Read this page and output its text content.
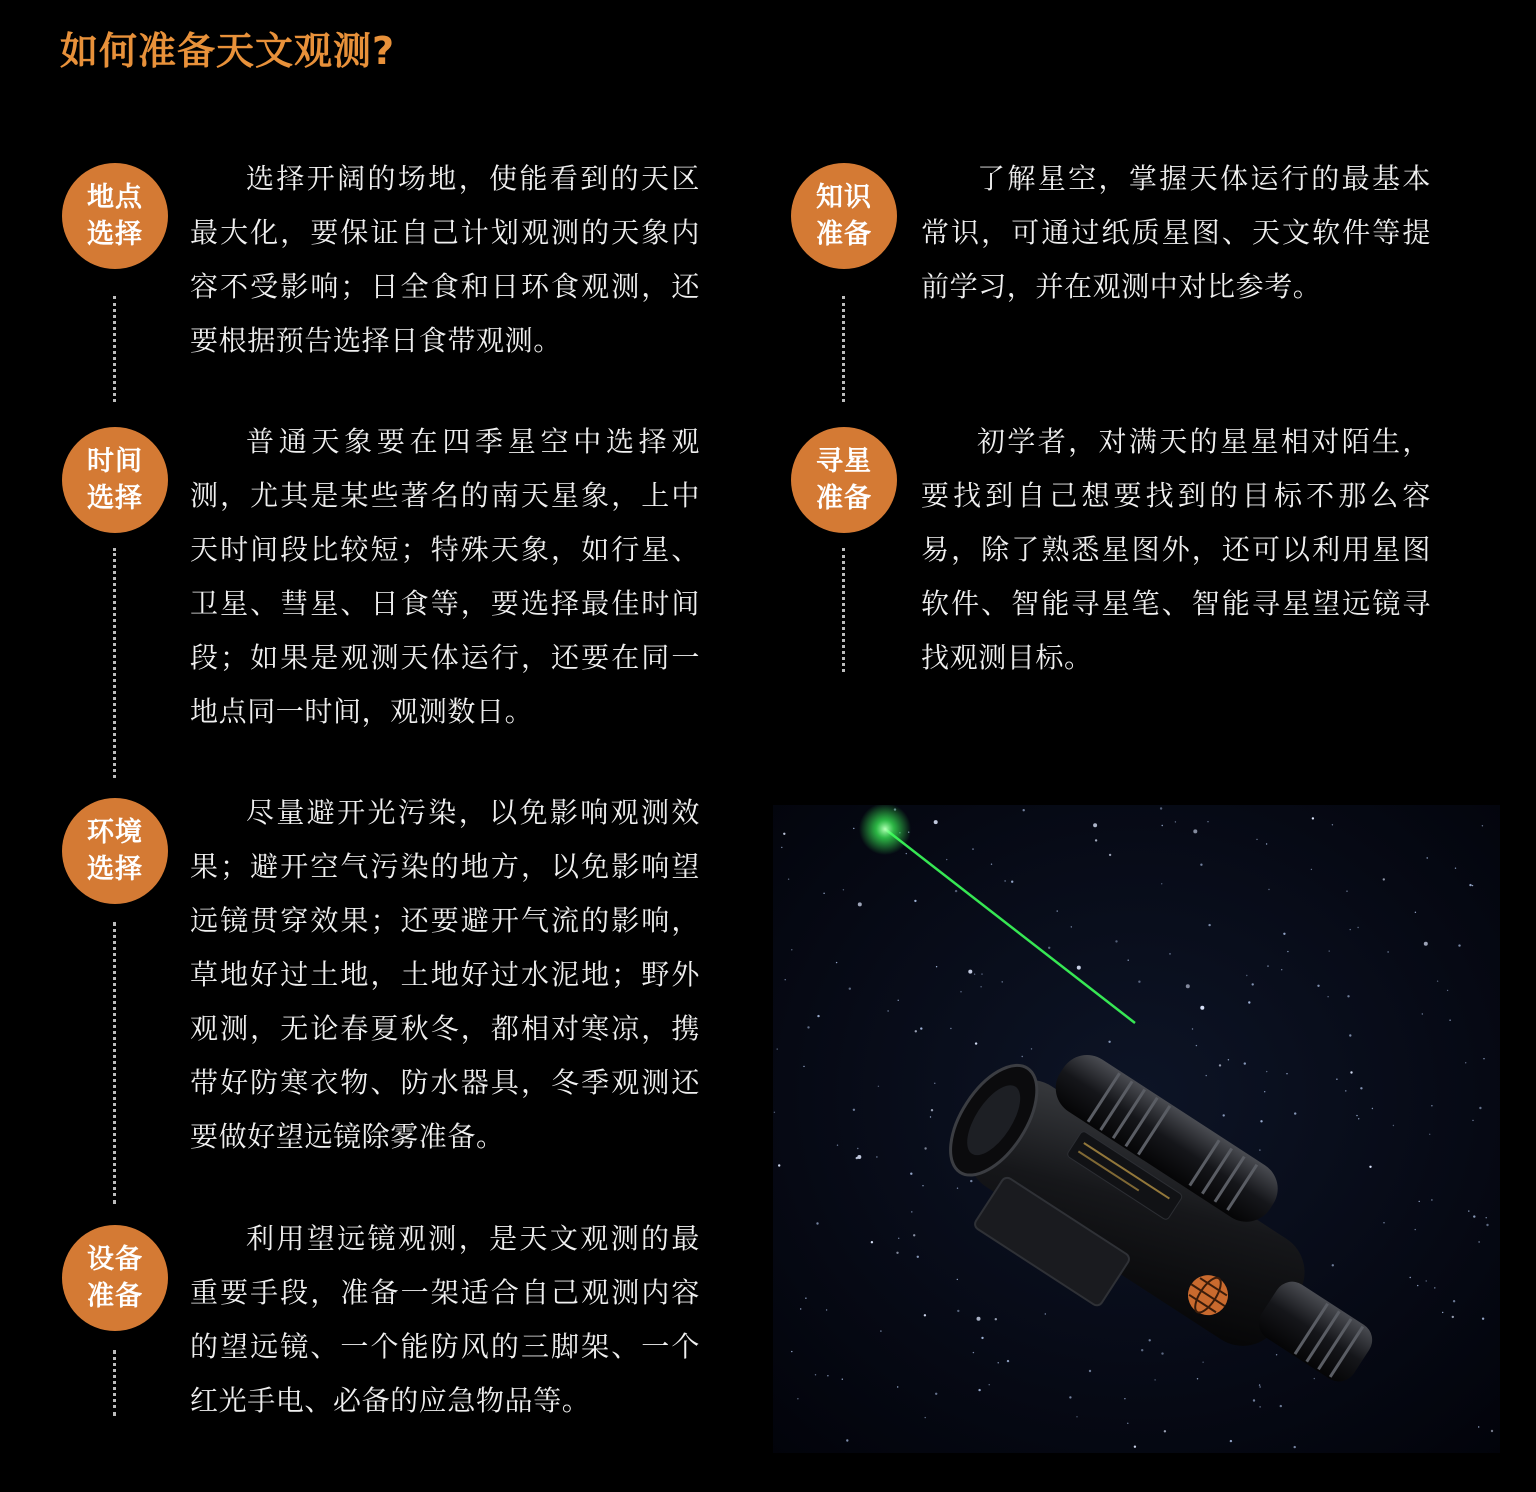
如何准备天文观测?
地点
选择

选择开阔的场地，使能看到的天区最大化，要保证自己计划观测的天象内容不受影响；日全食和日环食观测，还要根据预告选择日食带观测。

时间
选择

普通天象要在四季星空中选择观测，尤其是某些著名的南天星象，上中天时间段比较短；特殊天象，如行星、卫星、彗星、日食等，要选择最佳时间段；如果是观测天体运行，还要在同一地点同一时间，观测数日。

环境
选择

尽量避开光污染，以免影响观测效果；避开空气污染的地方，以免影响望远镜贯穿效果；还要避开气流的影响，草地好过土地，土地好过水泥地；野外观测，无论春夏秋冬，都相对寒凉，携带好防寒衣物、防水器具，冬季观测还要做好望远镜除雾准备。

设备
准备

利用望远镜观测，是天文观测的最重要手段，准备一架适合自己观测内容的望远镜、一个能防风的三脚架、一个红光手电、必备的应急物品等。

知识
准备

了解星空，掌握天体运行的最基本常识，可通过纸质星图、天文软件等提前学习，并在观测中对比参考。

寻星
准备

初学者，对满天的星星相对陌生，要找到自己想要找到的目标不那么容易，除了熟悉星图外，还可以利用星图软件、智能寻星笔、智能寻星望远镜寻找观测目标。
